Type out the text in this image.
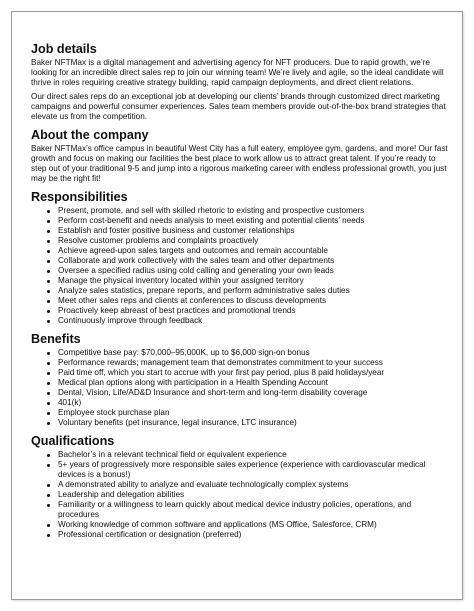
Job details

Baker NFTMax is a digital management and advertising agency for NFT producers. Due to rapid growth, we’re looking for an incredible direct sales rep to join our winning team! We’re lively and agile, so the ideal candidate will thrive in roles requiring creative strategy building, rapid campaign deployments, and direct client relations.

Our direct sales reps do an exceptional job at developing our clients’ brands through customized direct marketing campaigns and powerful consumer experiences. Sales team members provide out-of-the-box brand strategies that elevate us from the competition.

About the company

Baker NFTMax’s office campus in beautiful West City has a full eatery, employee gym, gardens, and more! Our fast growth and focus on making our facilities the best place to work allow us to attract great talent. If you’re ready to step out of your traditional 9-5 and jump into a rigorous marketing career with endless professional growth, you just may be the right fit!

Responsibilities
Present, promote, and sell with skilled rhetoric to existing and prospective customers
Perform cost-benefit and needs analysis to meet existing and potential clients’ needs
Establish and foster positive business and customer relationships
Resolve customer problems and complaints proactively
Achieve agreed-upon sales targets and outcomes and remain accountable
Collaborate and work collectively with the sales team and other departments
Oversee a specified radius using cold calling and generating your own leads
Manage the physical inventory located within your assigned territory
Analyze sales statistics, prepare reports, and perform administrative sales duties
Meet other sales reps and clients at conferences to discuss developments
Proactively keep abreast of best practices and promotional trends
Continuously improve through feedback
Benefits
Competitive base pay: $70,000–95,000K, up to $6,000 sign-on bonus
Performance rewards; management team that demonstrates commitment to your success
Paid time off, which you start to accrue with your first pay period, plus 8 paid holidays/year
Medical plan options along with participation in a Health Spending Account
Dental, Vision, Life/AD&D Insurance and short-term and long-term disability coverage
401(k)
Employee stock purchase plan
Voluntary benefits (pet insurance, legal insurance, LTC insurance)
Qualifications
Bachelor’s in a relevant technical field or equivalent experience
5+ years of progressively more responsible sales experience (experience with cardiovascular medical devices is a bonus!)
A demonstrated ability to analyze and evaluate technologically complex systems
Leadership and delegation abilities
Familiarity or a willingness to learn quickly about medical device industry policies, operations, and procedures
Working knowledge of common software and applications (MS Office, Salesforce, CRM)
Professional certification or designation (preferred)
